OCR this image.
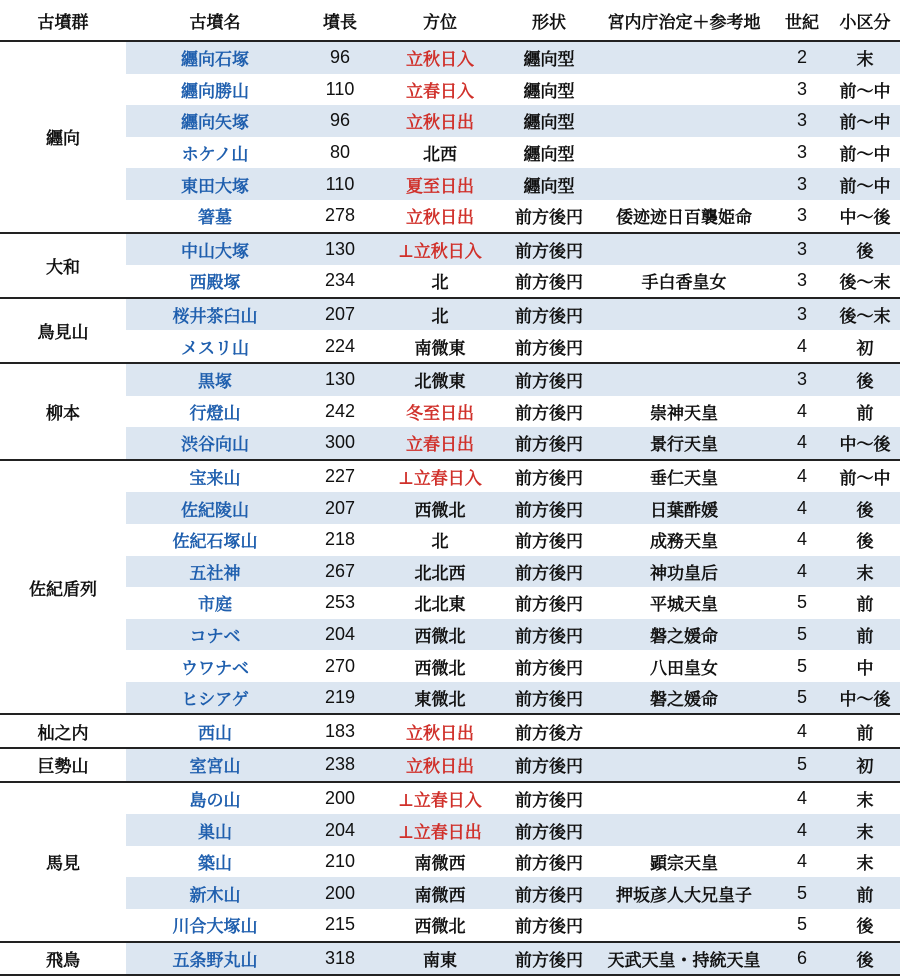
古墳群	古墳名	墳長	方位	形状	宮内庁治定＋参考地	世紀	小区分
纒向	纒向石塚	96	立秋日入	纒向型		2	末
	纒向勝山	110	立春日入	纒向型		3	前～中
	纒向矢塚	96	立秋日出	纒向型		3	前～中
	ホケノ山	80	北西	纒向型		3	前～中
	東田大塚	110	夏至日出	纒向型		3	前～中
	箸墓	278	立秋日出	前方後円	倭迹迹日百襲姫命	3	中～後
大和	中山大塚	130	⊥立秋日入	前方後円		3	後
	西殿塚	234	北	前方後円	手白香皇女	3	後～末
鳥見山	桜井茶臼山	207	北	前方後円		3	後～末
	メスリ山	224	南微東	前方後円		4	初
柳本	黒塚	130	北微東	前方後円		3	後
	行燈山	242	冬至日出	前方後円	崇神天皇	4	前
	渋谷向山	300	立春日出	前方後円	景行天皇	4	中～後
佐紀盾列	宝来山	227	⊥立春日入	前方後円	垂仁天皇	4	前～中
	佐紀陵山	207	西微北	前方後円	日葉酢媛	4	後
	佐紀石塚山	218	北	前方後円	成務天皇	4	後
	五社神	267	北北西	前方後円	神功皇后	4	末
	市庭	253	北北東	前方後円	平城天皇	5	前
	コナベ	204	西微北	前方後円	磐之媛命	5	前
	ウワナベ	270	西微北	前方後円	八田皇女	5	中
	ヒシアゲ	219	東微北	前方後円	磐之媛命	5	中～後
杣之内	西山	183	立秋日出	前方後方		4	前
巨勢山	室宮山	238	立秋日出	前方後円		5	初
馬見	島の山	200	⊥立春日入	前方後円		4	末
	巣山	204	⊥立春日出	前方後円		4	末
	築山	210	南微西	前方後円	顕宗天皇	4	末
	新木山	200	南微西	前方後円	押坂彦人大兄皇子	5	前
	川合大塚山	215	西微北	前方後円		5	後
飛鳥	五条野丸山	318	南東	前方後円	天武天皇・持統天皇	6	後
